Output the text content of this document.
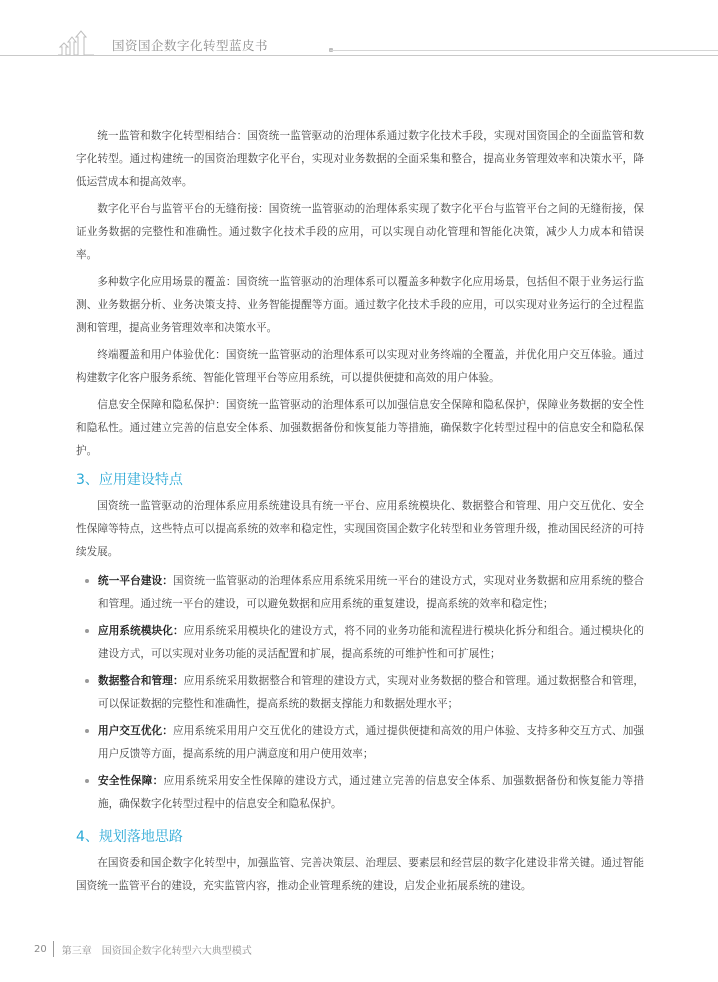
国资国企数字化转型蓝皮书

统一监管和数字化转型相结合：国资统一监管驱动的治理体系通过数字化技术手段，实现对国资国企的全面监管和数字化转型。通过构建统一的国资治理数字化平台，实现对业务数据的全面采集和整合，提高业务管理效率和决策水平，降低运营成本和提高效率。

数字化平台与监管平台的无缝衔接：国资统一监管驱动的治理体系实现了数字化平台与监管平台之间的无缝衔接，保证业务数据的完整性和准确性。通过数字化技术手段的应用，可以实现自动化管理和智能化决策，减少人力成本和错误率。

多种数字化应用场景的覆盖：国资统一监管驱动的治理体系可以覆盖多种数字化应用场景，包括但不限于业务运行监测、业务数据分析、业务决策支持、业务智能提醒等方面。通过数字化技术手段的应用，可以实现对业务运行的全过程监测和管理，提高业务管理效率和决策水平。

终端覆盖和用户体验优化：国资统一监管驱动的治理体系可以实现对业务终端的全覆盖，并优化用户交互体验。通过构建数字化客户服务系统、智能化管理平台等应用系统，可以提供便捷和高效的用户体验。

信息安全保障和隐私保护：国资统一监管驱动的治理体系可以加强信息安全保障和隐私保护，保障业务数据的安全性和隐私性。通过建立完善的信息安全体系、加强数据备份和恢复能力等措施，确保数字化转型过程中的信息安全和隐私保护。

3、应用建设特点

国资统一监管驱动的治理体系应用系统建设具有统一平台、应用系统模块化、数据整合和管理、用户交互优化、安全性保障等特点，这些特点可以提高系统的效率和稳定性，实现国资国企数字化转型和业务管理升级，推动国民经济的可持续发展。

统一平台建设：国资统一监管驱动的治理体系应用系统采用统一平台的建设方式，实现对业务数据和应用系统的整合和管理。通过统一平台的建设，可以避免数据和应用系统的重复建设，提高系统的效率和稳定性；
应用系统模块化：应用系统采用模块化的建设方式，将不同的业务功能和流程进行模块化拆分和组合。通过模块化的建设方式，可以实现对业务功能的灵活配置和扩展，提高系统的可维护性和可扩展性；
数据整合和管理：应用系统采用数据整合和管理的建设方式，实现对业务数据的整合和管理。通过数据整合和管理，可以保证数据的完整性和准确性，提高系统的数据支撑能力和数据处理水平；
用户交互优化：应用系统采用用户交互优化的建设方式，通过提供便捷和高效的用户体验、支持多种交互方式、加强用户反馈等方面，提高系统的用户满意度和用户使用效率；
安全性保障：应用系统采用安全性保障的建设方式，通过建立完善的信息安全体系、加强数据备份和恢复能力等措施，确保数字化转型过程中的信息安全和隐私保护。
4、规划落地思路

在国资委和国企数字化转型中，加强监管、完善决策层、治理层、要素层和经营层的数字化建设非常关键。通过智能国资统一监管平台的建设，充实监管内容，推动企业管理系统的建设，启发企业拓展系统的建设。

20 第三章 国资国企数字化转型六大典型模式
